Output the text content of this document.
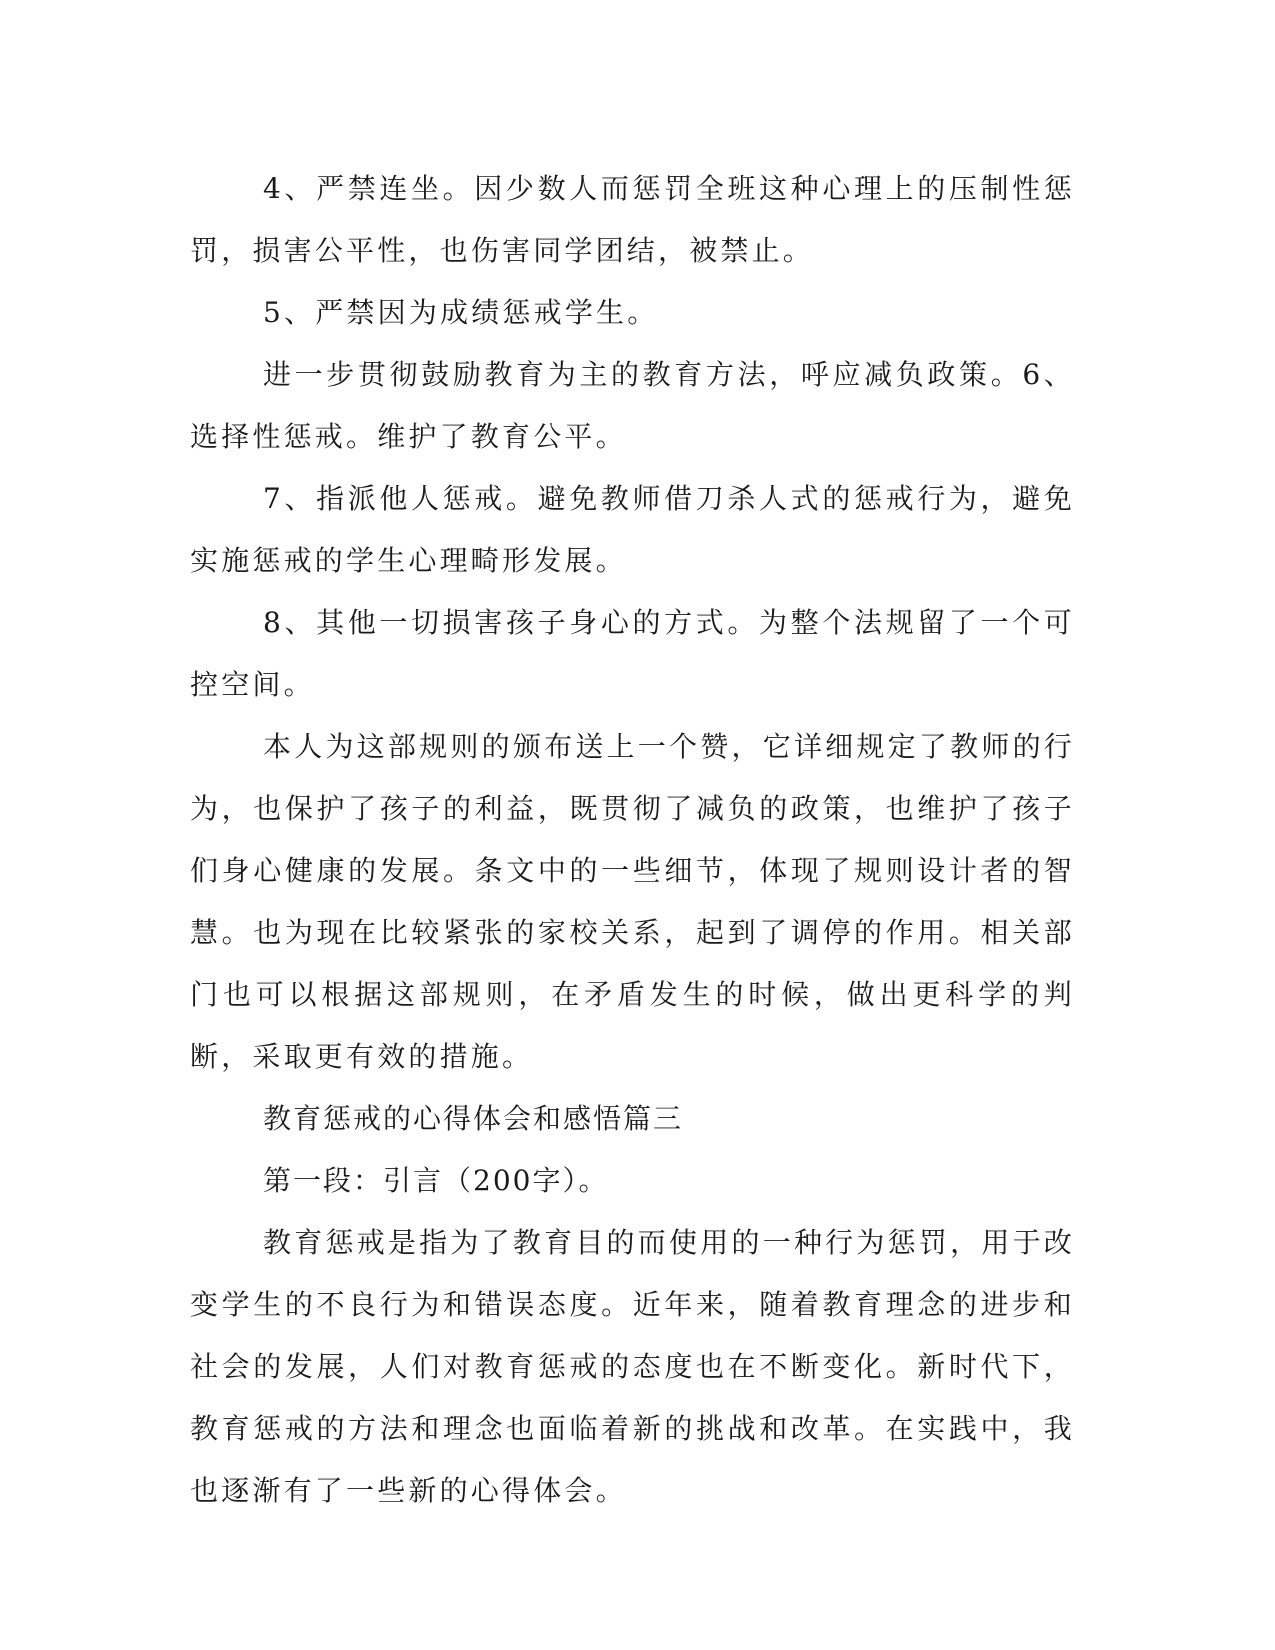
4、严禁连坐。因少数人而惩罚全班这种心理上的压制性惩罚，损害公平性，也伤害同学团结，被禁止。

5、严禁因为成绩惩戒学生。

进一步贯彻鼓励教育为主的教育方法，呼应减负政策。6、选择性惩戒。维护了教育公平。

7、指派他人惩戒。避免教师借刀杀人式的惩戒行为，避免实施惩戒的学生心理畸形发展。

8、其他一切损害孩子身心的方式。为整个法规留了一个可控空间。

本人为这部规则的颁布送上一个赞，它详细规定了教师的行为，也保护了孩子的利益，既贯彻了减负的政策，也维护了孩子们身心健康的发展。条文中的一些细节，体现了规则设计者的智慧。也为现在比较紧张的家校关系，起到了调停的作用。相关部门也可以根据这部规则，在矛盾发生的时候，做出更科学的判断，采取更有效的措施。

教育惩戒的心得体会和感悟篇三

第一段：引言（200字）。

教育惩戒是指为了教育目的而使用的一种行为惩罚，用于改变学生的不良行为和错误态度。近年来，随着教育理念的进步和社会的发展，人们对教育惩戒的态度也在不断变化。新时代下，教育惩戒的方法和理念也面临着新的挑战和改革。在实践中，我也逐渐有了一些新的心得体会。
